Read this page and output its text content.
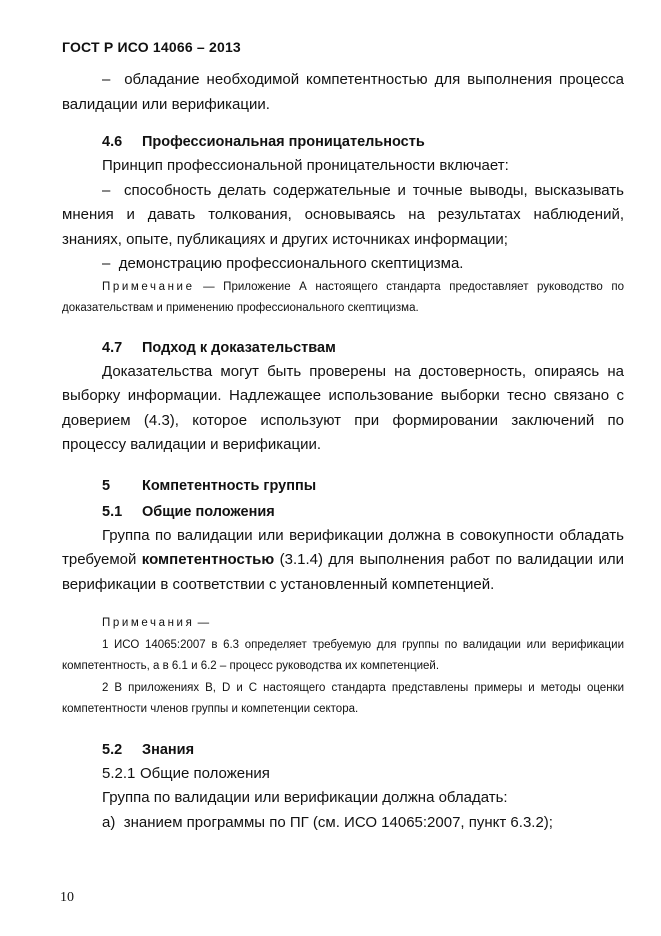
ГОСТ Р ИСО 14066 – 2013

– обладание необходимой компетентностью для выполнения процесса валидации или верификации.

4.6 Профессиональная проницательность

Принцип профессиональной проницательности включает:

– способность делать содержательные и точные выводы, высказывать мнения и давать толкования, основываясь на результатах наблюдений, знаниях, опыте, публикациях и других источниках информации;

– демонстрацию профессионального скептицизма.

Примечание — Приложение А настоящего стандарта предоставляет руководство по доказательствам и применению профессионального скептицизма.

4.7 Подход к доказательствам

Доказательства могут быть проверены на достоверность, опираясь на выборку информации. Надлежащее использование выборки тесно связано с доверием (4.3), которое используют при формировании заключений по процессу валидации и верификации.

5 Компетентность группы
5.1 Общие положения

Группа по валидации или верификации должна в совокупности обладать требуемой компетентностью (3.1.4) для выполнения работ по валидации или верификации в соответствии с установленный компетенцией.

Примечания —

1 ИСО 14065:2007 в 6.3 определяет требуемую для группы по валидации или верификации компетентность, а в 6.1 и 6.2 – процесс руководства их компетенцией.

2 В приложениях В, D и С настоящего стандарта представлены примеры и методы оценки компетентности членов группы и компетенции сектора.

5.2 Знания

5.2.1 Общие положения

Группа по валидации или верификации должна обладать:

а) знанием программы по ПГ (см. ИСО 14065:2007, пункт 6.3.2);

10
